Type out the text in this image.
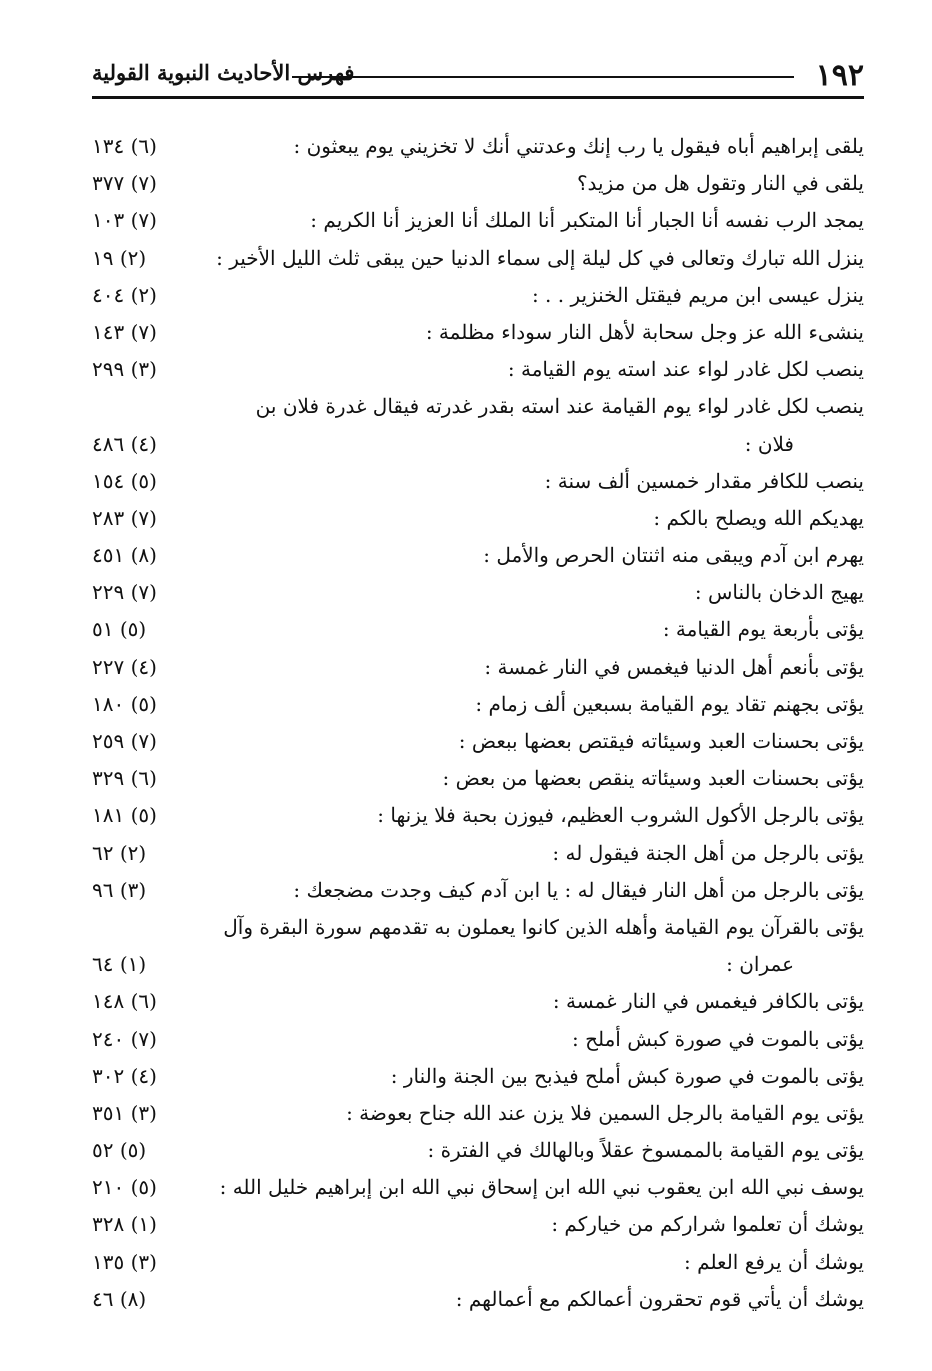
١٩٢
فهرس الأحاديث النبوية القولية
يلقى إبراهيم أباه فيقول يا رب إنك وعدتني أنك لا تخزيني يوم يبعثون :
(٦) ١٣٤
يلقى في النار وتقول هل من مزيد؟
(٧) ٣٧٧
يمجد الرب نفسه أنا الجبار أنا المتكبر أنا الملك أنا العزيز أنا الكريم :
(٧) ١٠٣
ينزل الله تبارك وتعالى في كل ليلة إلى سماء الدنيا حين يبقى ثلث الليل الأخير :
(٢) ١٩
ينزل عيسى ابن مريم فيقتل الخنزير . . :
(٢) ٤٠٤
ينشىء الله عز وجل سحابة لأهل النار سوداء مظلمة :
(٧) ١٤٣
ينصب لكل غادر لواء عند استه يوم القيامة :
(٣) ٢٩٩
ينصب لكل غادر لواء يوم القيامة عند استه بقدر غدرته فيقال غدرة فلان بن
فلان :
(٤) ٤٨٦
ينصب للكافر مقدار خمسين ألف سنة :
(٥) ١٥٤
يهديكم الله ويصلح بالكم :
(٧) ٢٨٣
يهرم ابن آدم ويبقى منه اثنتان الحرص والأمل :
(٨) ٤٥١
يهيج الدخان بالناس :
(٧) ٢٢٩
يؤتى بأربعة يوم القيامة :
(٥) ٥١
يؤتى بأنعم أهل الدنيا فيغمس في النار غمسة :
(٤) ٢٢٧
يؤتى بجهنم تقاد يوم القيامة بسبعين ألف زمام :
(٥) ١٨٠
يؤتى بحسنات العبد وسيئاته فيقتص بعضها ببعض :
(٧) ٢٥٩
يؤتى بحسنات العبد وسيئاته ينقص بعضها من بعض :
(٦) ٣٢٩
يؤتى بالرجل الأكول الشروب العظيم، فيوزن بحبة فلا يزنها :
(٥) ١٨١
يؤتى بالرجل من أهل الجنة فيقول له :
(٢) ٦٢
يؤتى بالرجل من أهل النار فيقال له : يا ابن آدم كيف وجدت مضجعك :
(٣) ٩٦
يؤتى بالقرآن يوم القيامة وأهله الذين كانوا يعملون به تقدمهم سورة البقرة وآل
عمران :
(١) ٦٤
يؤتى بالكافر فيغمس في النار غمسة :
(٦) ١٤٨
يؤتى بالموت في صورة كبش أملح :
(٧) ٢٤٠
يؤتى بالموت في صورة كبش أملح فيذبح بين الجنة والنار :
(٤) ٣٠٢
يؤتى يوم القيامة بالرجل السمين فلا يزن عند الله جناح بعوضة :
(٣) ٣٥١
يؤتى يوم القيامة بالممسوخ عقلاً وبالهالك في الفترة :
(٥) ٥٢
يوسف نبي الله ابن يعقوب نبي الله ابن إسحاق نبي الله ابن إبراهيم خليل الله :
(٥) ٢١٠
يوشك أن تعلموا شراركم من خياركم :
(١) ٣٢٨
يوشك أن يرفع العلم :
(٣) ١٣٥
يوشك أن يأتي قوم تحقرون أعمالكم مع أعمالهم :
(٨) ٤٦
